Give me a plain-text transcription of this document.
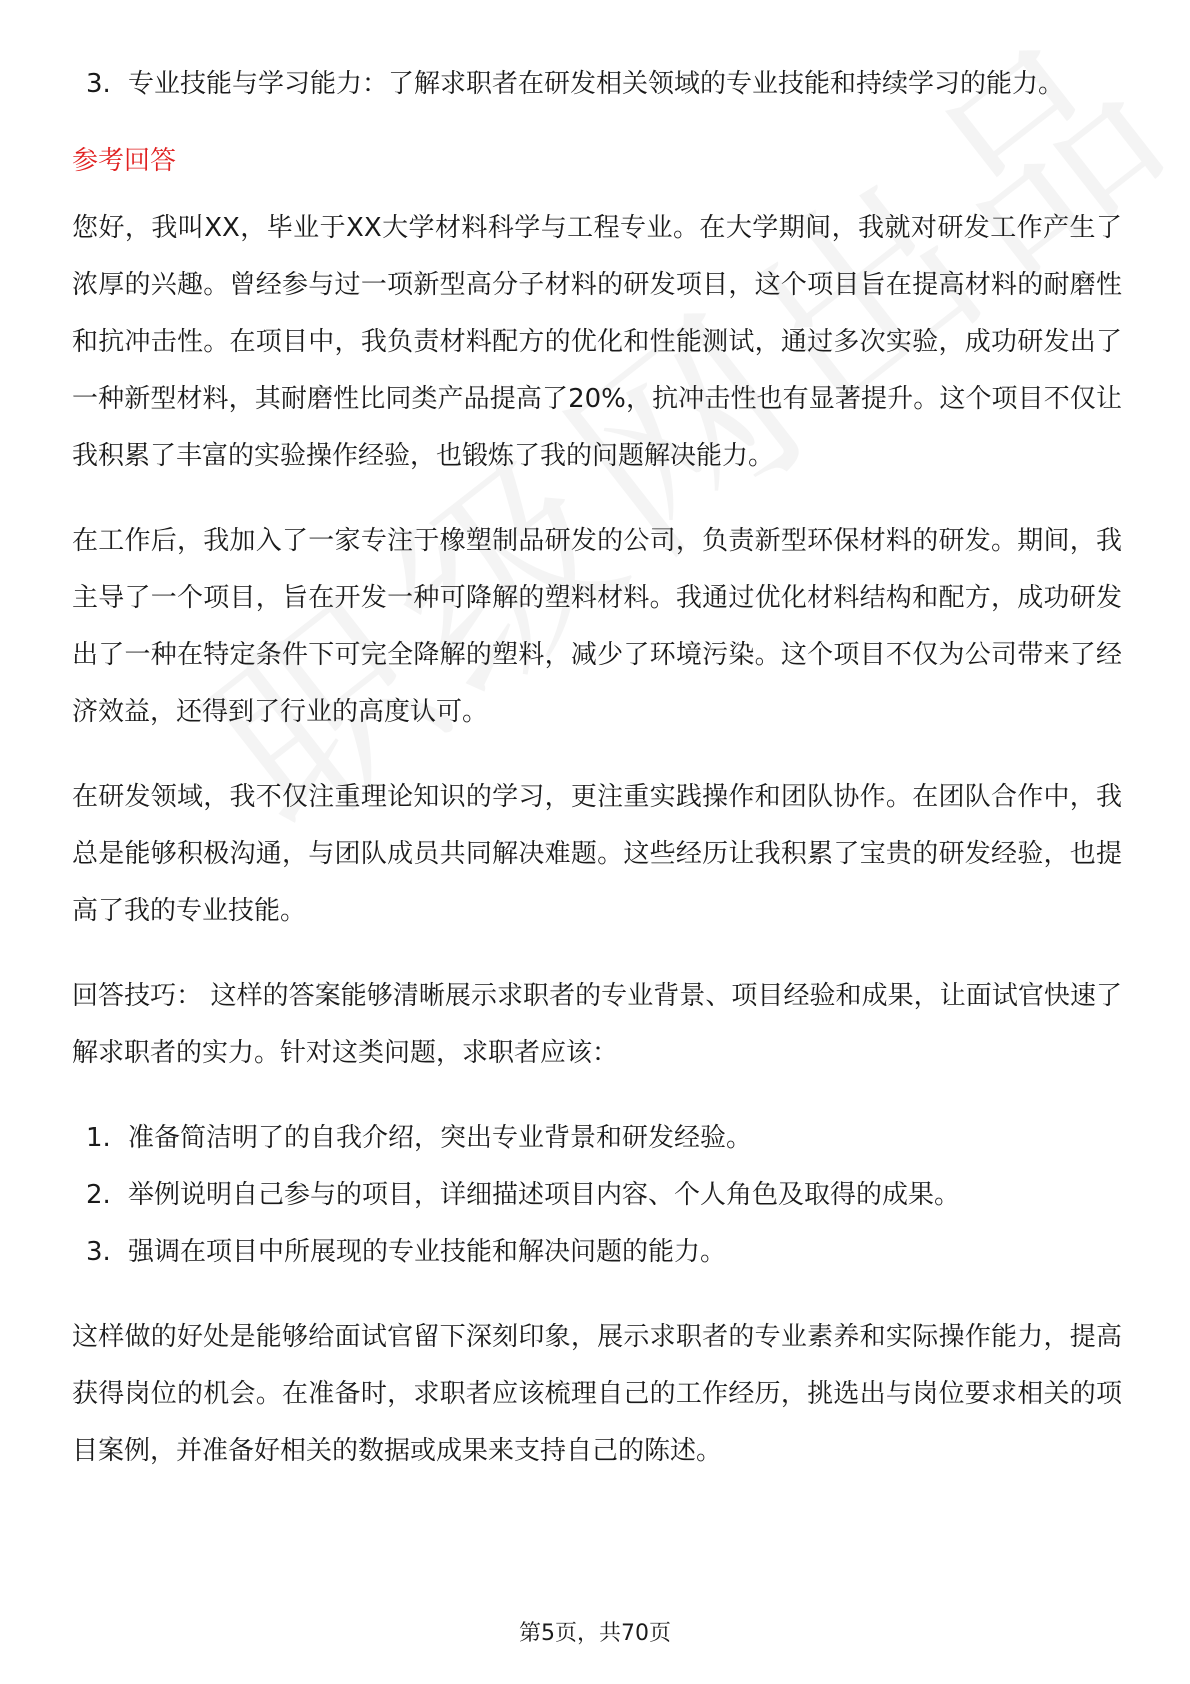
3. 专业技能与学习能力：了解求职者在研发相关领域的专业技能和持续学习的能力。
参考回答

您好，我叫XX，毕业于XX大学材料科学与工程专业。在大学期间，我就对研发工作产生了浓厚的兴趣。曾经参与过一项新型高分子材料的研发项目，这个项目旨在提高材料的耐磨性和抗冲击性。在项目中，我负责材料配方的优化和性能测试，通过多次实验，成功研发出了一种新型材料，其耐磨性比同类产品提高了20%，抗冲击性也有显著提升。这个项目不仅让我积累了丰富的实验操作经验，也锻炼了我的问题解决能力。

在工作后，我加入了一家专注于橡塑制品研发的公司，负责新型环保材料的研发。期间，我主导了一个项目，旨在开发一种可降解的塑料材料。我通过优化材料结构和配方，成功研发出了一种在特定条件下可完全降解的塑料，减少了环境污染。这个项目不仅为公司带来了经济效益，还得到了行业的高度认可。

在研发领域，我不仅注重理论知识的学习，更注重实践操作和团队协作。在团队合作中，我总是能够积极沟通，与团队成员共同解决难题。这些经历让我积累了宝贵的研发经验，也提高了我的专业技能。

回答技巧： 这样的答案能够清晰展示求职者的专业背景、项目经验和成果，让面试官快速了解求职者的实力。针对这类问题，求职者应该：

1. 准备简洁明了的自我介绍，突出专业背景和研发经验。
2. 举例说明自己参与的项目，详细描述项目内容、个人角色及取得的成果。
3. 强调在项目中所展现的专业技能和解决问题的能力。

这样做的好处是能够给面试官留下深刻印象，展示求职者的专业素养和实际操作能力，提高获得岗位的机会。在准备时，求职者应该梳理自己的工作经历，挑选出与岗位要求相关的项目案例，并准备好相关的数据或成果来支持自己的陈述。

第5页，共70页
